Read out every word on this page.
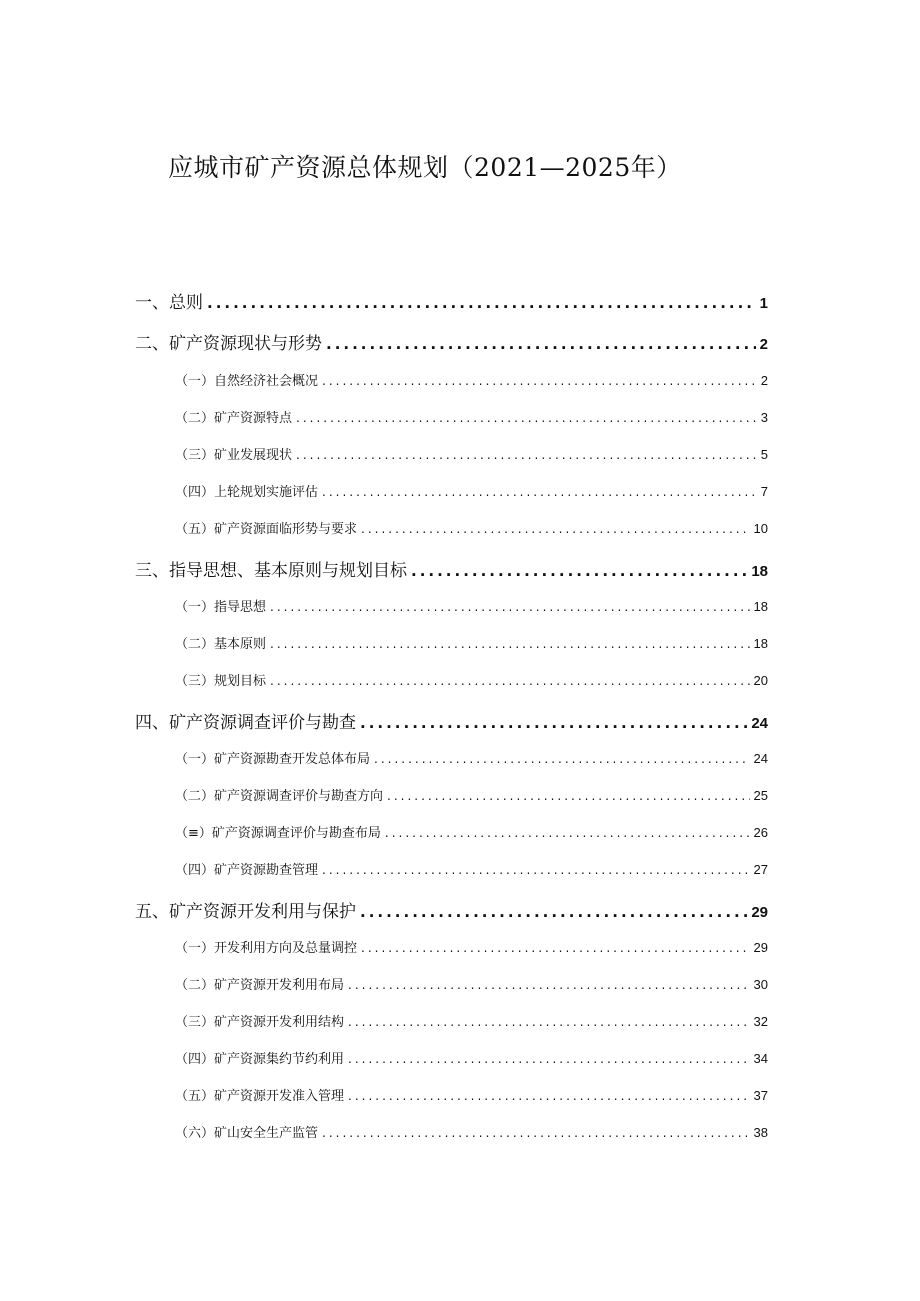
应城市矿产资源总体规划（2021—2025年）
一、总则 .....	1
二、矿产资源现状与形势 .....	2
（一）自然经济社会概况 .....	2
（二）矿产资源特点 .....	3
（三）矿业发展现状 .....	5
（四）上轮规划实施评估 .....	7
（五）矿产资源面临形势与要求 .....	10
三、指导思想、基本原则与规划目标 .....	18
（一）指导思想 .....	18
（二）基本原则 .....	18
（三）规划目标 .....	20
四、矿产资源调查评价与勘查 .....	24
（一）矿产资源勘查开发总体布局 .....	24
（二）矿产资源调查评价与勘查方向 .....	25
（≡）矿产资源调查评价与勘查布局 .....	26
（四）矿产资源勘查管理 .....	27
五、矿产资源开发利用与保护 .....	29
（一）开发利用方向及总量调控 .....	29
（二）矿产资源开发利用布局 .....	30
（三）矿产资源开发利用结构 .....	32
（四）矿产资源集约节约利用 .....	34
（五）矿产资源开发准入管理 .....	37
（六）矿山安全生产监管 .....	38
